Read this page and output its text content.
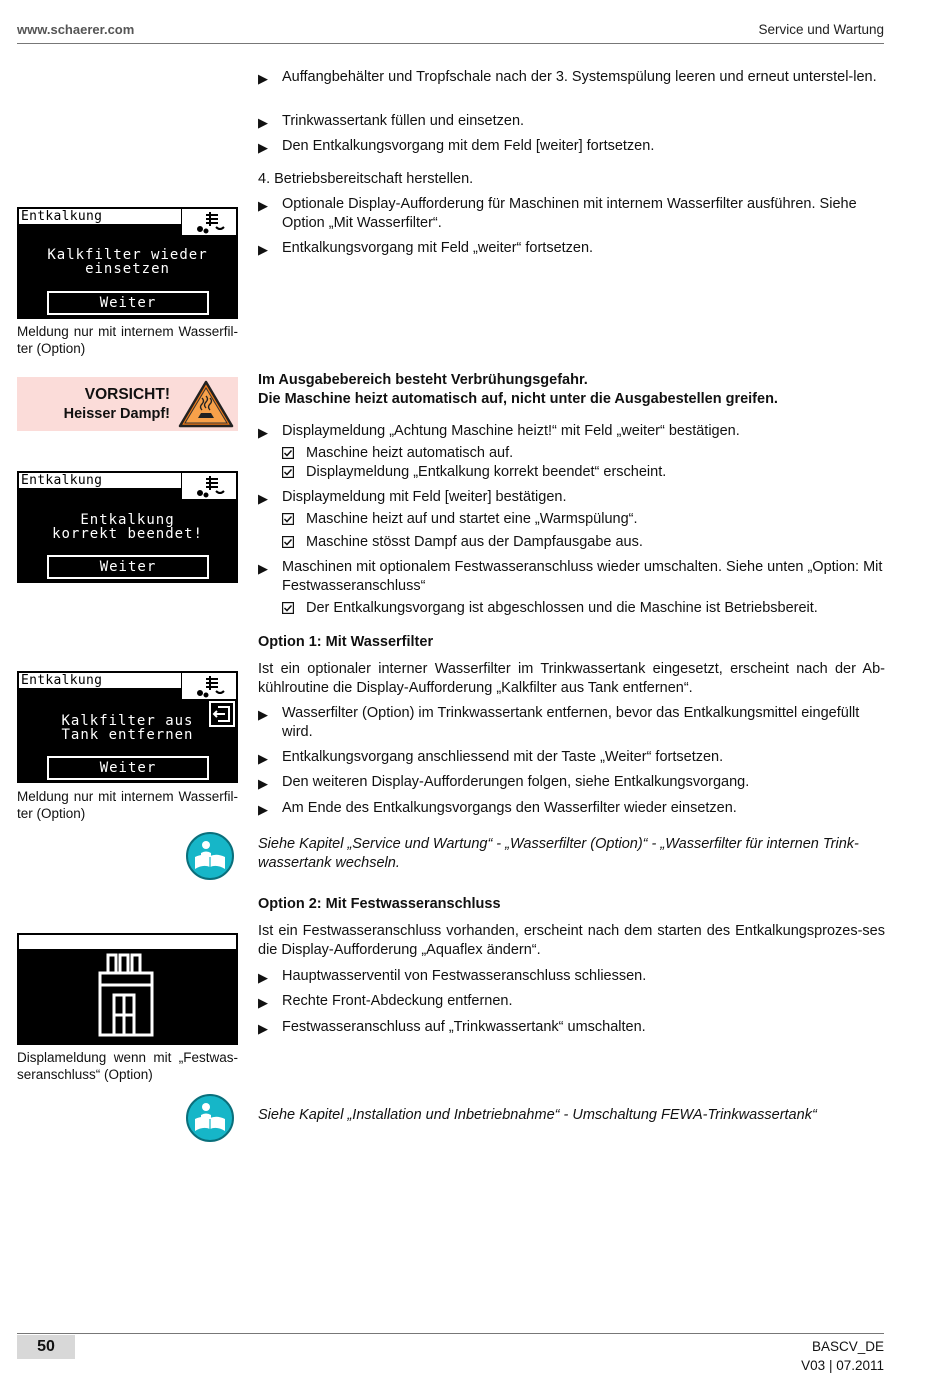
www.schaerer.com	Service und Wartung
▶ Auffangbehälter und Tropfschale nach der 3. Systemspülung leeren und erneut unterstel-len.
▶ Trinkwassertank füllen und einsetzen.
▶ Den Entkalkungsvorgang mit dem Feld [weiter] fortsetzen.
4. Betriebsbereitschaft herstellen.
▶ Optionale Display-Aufforderung für Maschinen mit internem Wasserfilter ausführen. Siehe Option „Mit Wasserfilter“.
▶ Entkalkungsvorgang mit Feld „weiter“ fortsetzen.
Entkalkung
Kalkfilter wieder
einsetzen
Weiter
Meldung nur mit internem Wasserfil-ter (Option)
VORSICHT!
Heisser Dampf!
Im Ausgabebereich besteht Verbrühungsgefahr.
Die Maschine heizt automatisch auf, nicht unter die Ausgabestellen greifen.
▶ Displaymeldung „Achtung Maschine heizt!“ mit Feld „weiter“ bestätigen.
Maschine heizt automatisch auf.
Displaymeldung „Entkalkung korrekt beendet“ erscheint.
▶ Displaymeldung mit Feld [weiter] bestätigen.
Maschine heizt auf und startet eine „Warmspülung“.
Maschine stösst Dampf aus der Dampfausgabe aus.
▶ Maschinen mit optionalem Festwasseranschluss wieder umschalten. Siehe unten „Option: Mit Festwasseranschluss“
Der Entkalkungsvorgang ist abgeschlossen und die Maschine ist Betriebsbereit.
Entkalkung
Entkalkung
korrekt beendet!
Weiter
Option 1: Mit Wasserfilter
Ist ein optionaler interner Wasserfilter im Trinkwassertank eingesetzt, erscheint nach der Ab-kühlroutine die Display-Aufforderung „Kalkfilter aus Tank entfernen“.
▶ Wasserfilter (Option) im Trinkwassertank entfernen, bevor das Entkalkungsmittel eingefüllt wird.
▶ Entkalkungsvorgang anschliessend mit der Taste „Weiter“ fortsetzen.
▶ Den weiteren Display-Aufforderungen folgen, siehe Entkalkungsvorgang.
▶ Am Ende des Entkalkungsvorgangs den Wasserfilter wieder einsetzen.
Siehe Kapitel „Service und Wartung“ - „Wasserfilter (Option)“ - „Wasserfilter für internen Trink-wassertank wechseln.
Entkalkung
Kalkfilter aus
Tank entfernen
Weiter
Meldung nur mit internem Wasserfil-ter (Option)
Option 2: Mit Festwasseranschluss
Ist ein Festwasseranschluss vorhanden, erscheint nach dem starten des Entkalkungsprozes-ses die Display-Aufforderung „Aquaflex ändern“.
▶ Hauptwasserventil von Festwasseranschluss schliessen.
▶ Rechte Front-Abdeckung entfernen.
▶ Festwasseranschluss auf „Trinkwassertank“ umschalten.
Displameldung wenn mit „Festwas-seranschluss“ (Option)
Siehe Kapitel „Installation und Inbetriebnahme“ - Umschaltung FEWA-Trinkwassertank“
50	BASCV_DE
V03 | 07.2011
